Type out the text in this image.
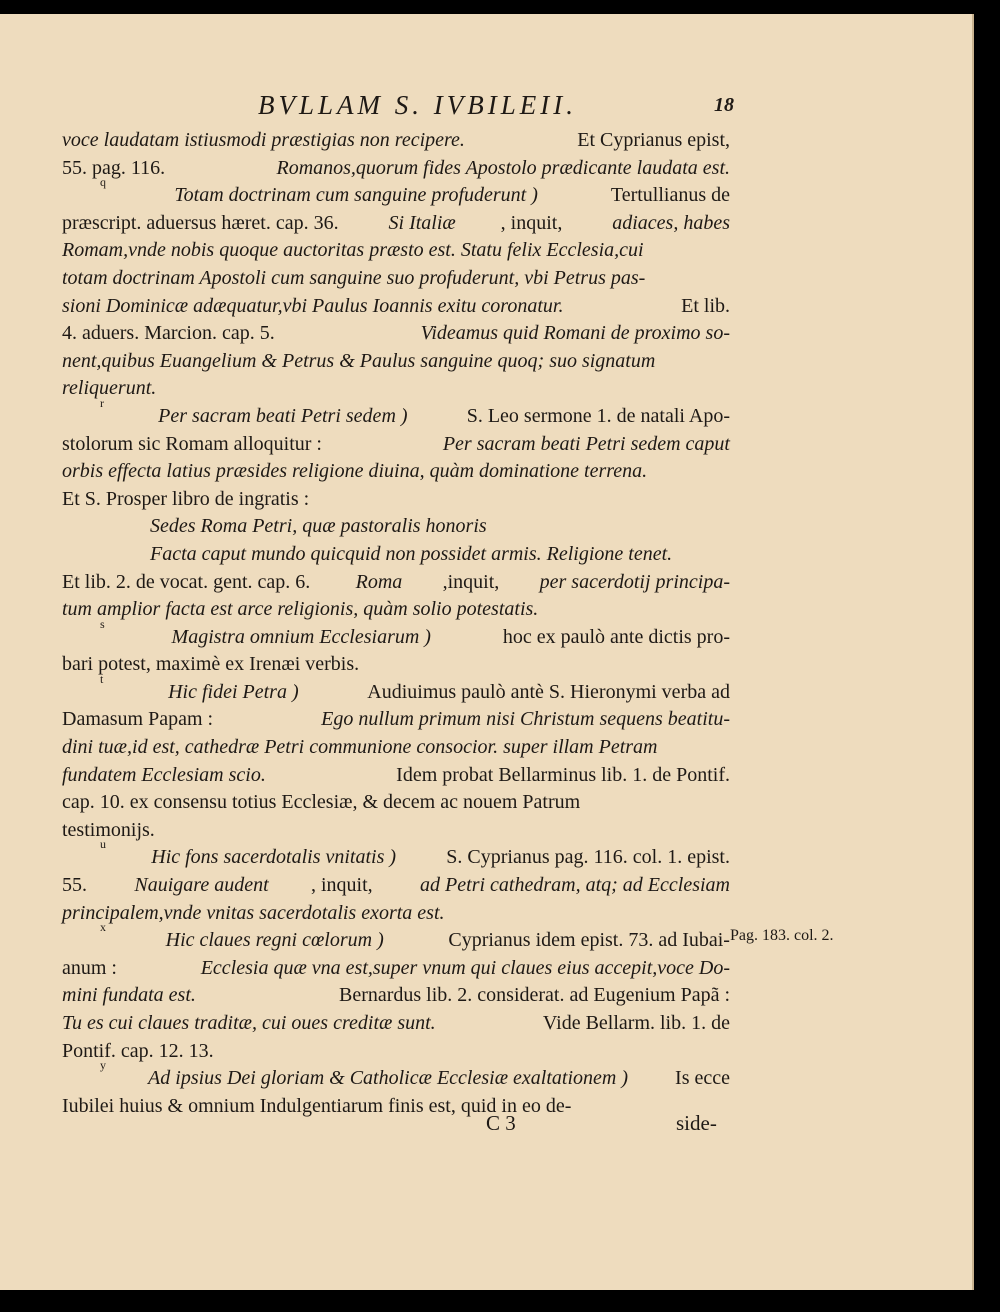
BVLLAM S. IVBILEII.	18
voce laudatam istiusmodi præstigias non recipere.	Et Cyprianus epist,
55. pag. 116.	Romanos,quorum fides Apostolo prædicante laudata est.
q
Totam doctrinam cum sanguine profuderunt )	Tertullianus de
præscript. aduersus hæret. cap. 36. Si Italiæ , inquit, adiaces, habes
Romam,vnde nobis quoque auctoritas præsto est. Statu felix Ecclesia,cui
totam doctrinam Apostoli cum sanguine suo profuderunt, vbi Petrus pas-
sioni Dominicæ adæquatur,vbi Paulus Ioannis exitu coronatur.	Et lib.
4. aduers. Marcion. cap. 5.	Videamus quid Romani de proximo so-
nent,quibus Euangelium & Petrus & Paulus sanguine quoq; suo signatum
reliquerunt.
r
Per sacram beati Petri sedem )	S. Leo sermone 1. de natali Apo-
stolorum sic Romam alloquitur :	Per sacram beati Petri sedem caput
orbis effecta latius præsides religione diuina, quàm dominatione terrena.
Et S. Prosper libro de ingratis :
Sedes Roma Petri, quæ pastoralis honoris
Facta caput mundo quicquid non possidet armis. Religione tenet.
Et lib. 2. de vocat. gent. cap. 6. Roma ,inquit, per sacerdotij principa-
tum amplior facta est arce religionis, quàm solio potestatis.
s
Magistra omnium Ecclesiarum )	hoc ex paulò ante dictis pro-
bari potest, maximè ex Irenæi verbis.
t
Hic fidei Petra )	Audiuimus paulò antè S. Hieronymi verba ad
Damasum Papam :	Ego nullum primum nisi Christum sequens beatitu-
dini tuæ,id est, cathedræ Petri communione consocior. super illam Petram
fundatem Ecclesiam scio.	Idem probat Bellarminus lib. 1. de Pontif.
cap. 10. ex consensu totius Ecclesiæ, & decem ac nouem Patrum
testimonijs.
u
Hic fons sacerdotalis vnitatis ) S. Cyprianus pag. 116. col. 1. epist.
55. Nauigare audent , inquit, ad Petri cathedram, atq; ad Ecclesiam
principalem,vnde vnitas sacerdotalis exorta est.
x
Hic claues regni cœlorum )	Cyprianus idem epist. 73. ad Iubai-
anum :	Ecclesia quæ vna est,super vnum qui claues eius accepit,voce Do-
mini fundata est.	Bernardus lib. 2. considerat. ad Eugenium Papã :
Tu es cui claues traditæ, cui oues creditæ sunt.	Vide Bellarm. lib. 1. de
Pontif. cap. 12. 13.
y
Ad ipsius Dei gloriam & Catholicæ Ecclesiæ exaltationem ) Is ecce
Iubilei huius & omnium Indulgentiarum finis est, quid in eo de-
Pag. 183. col. 2.
C 3	side-
